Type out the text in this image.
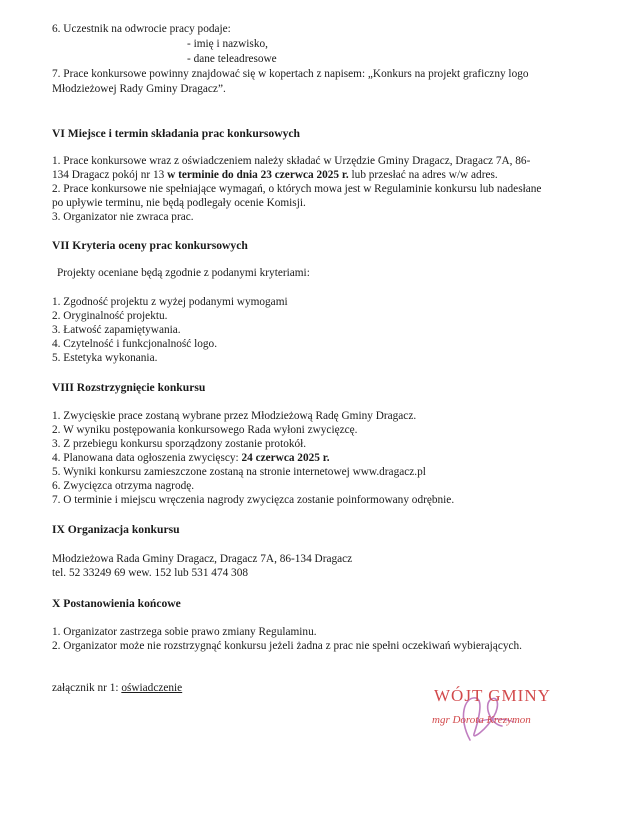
6. Uczestnik na odwrocie pracy podaje:

- imię i nazwisko,

- dane teleadresowe

7. Prace konkursowe powinny znajdować się w kopertach z napisem: „Konkurs na projekt graficzny logo

Młodzieżowej Rady Gminy Dragacz”.

VI Miejsce i termin składania prac konkursowych

1. Prace konkursowe wraz z oświadczeniem należy składać w Urzędzie Gminy Dragacz, Dragacz 7A, 86-

134 Dragacz pokój nr 13 w terminie do dnia 23 czerwca 2025 r. lub przesłać na adres w/w adres.

2. Prace konkursowe nie spełniające wymagań, o których mowa jest w Regulaminie konkursu lub nadesłane

po upływie terminu, nie będą podlegały ocenie Komisji.

3. Organizator nie zwraca prac.

VII Kryteria oceny prac konkursowych

Projekty oceniane będą zgodnie z podanymi kryteriami:

1. Zgodność projektu z wyżej podanymi wymogami

2. Oryginalność projektu.

3. Łatwość zapamiętywania.

4. Czytelność i funkcjonalność logo.

5. Estetyka wykonania.

VIII Rozstrzygnięcie konkursu

1. Zwycięskie prace zostaną wybrane przez Młodzieżową Radę Gminy Dragacz.

2. W wyniku postępowania konkursowego Rada wyłoni zwycięzcę.

3. Z przebiegu konkursu sporządzony zostanie protokół.

4. Planowana data ogłoszenia zwycięscy: 24 czerwca 2025 r.

5. Wyniki konkursu zamieszczone zostaną na stronie internetowej www.dragacz.pl

6. Zwycięzca otrzyma nagrodę.

7. O terminie i miejscu wręczenia nagrody zwycięzca zostanie poinformowany odrębnie.

IX Organizacja konkursu

Młodzieżowa Rada Gminy Dragacz, Dragacz 7A, 86-134 Dragacz

tel. 52 33249 69 wew. 152 lub 531 474 308

X Postanowienia końcowe

1. Organizator zastrzega sobie prawo zmiany Regulaminu.

2. Organizator może nie rozstrzygnąć konkursu jeżeli żadna z prac nie spełni oczekiwań wybierających.

załącznik nr 1: oświadczenie	WÓJT GMINY
mgr Dorota Krezymon
